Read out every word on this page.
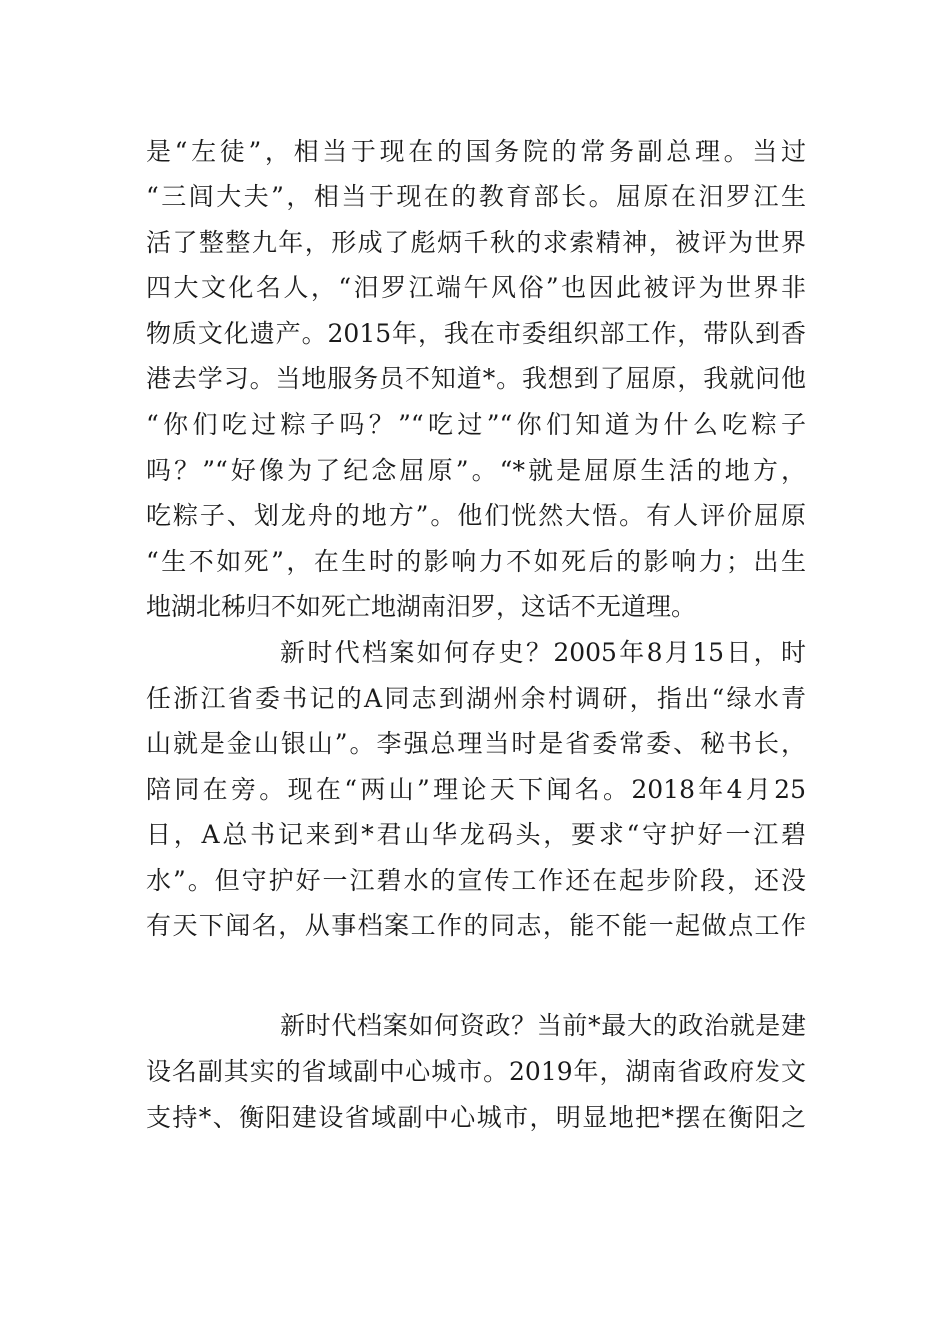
是“左徒”，相当于现在的国务院的常务副总理。当过
“三闾大夫”，相当于现在的教育部长。屈原在汨罗江生
活了整整九年，形成了彪炳千秋的求索精神，被评为世界
四大文化名人，“汨罗江端午风俗”也因此被评为世界非
物质文化遗产。2015年，我在市委组织部工作，带队到香
港去学习。当地服务员不知道*。我想到了屈原，我就问他
“你们吃过粽子吗？”“吃过”“你们知道为什么吃粽子
吗？”“好像为了纪念屈原”。“*就是屈原生活的地方，
吃粽子、划龙舟的地方”。他们恍然大悟。有人评价屈原
“生不如死”，在生时的影响力不如死后的影响力；出生
地湖北秭归不如死亡地湖南汨罗，这话不无道理。
新时代档案如何存史？2005年8月15日，时
任浙江省委书记的A同志到湖州余村调研，指出“绿水青
山就是金山银山”。李强总理当时是省委常委、秘书长，
陪同在旁。现在“两山”理论天下闻名。2018年4月25
日，A总书记来到*君山华龙码头，要求“守护好一江碧
水”。但守护好一江碧水的宣传工作还在起步阶段，还没
有天下闻名，从事档案工作的同志，能不能一起做点工作
新时代档案如何资政？当前*最大的政治就是建
设名副其实的省域副中心城市。2019年，湖南省政府发文
支持*、衡阳建设省域副中心城市，明显地把*摆在衡阳之
